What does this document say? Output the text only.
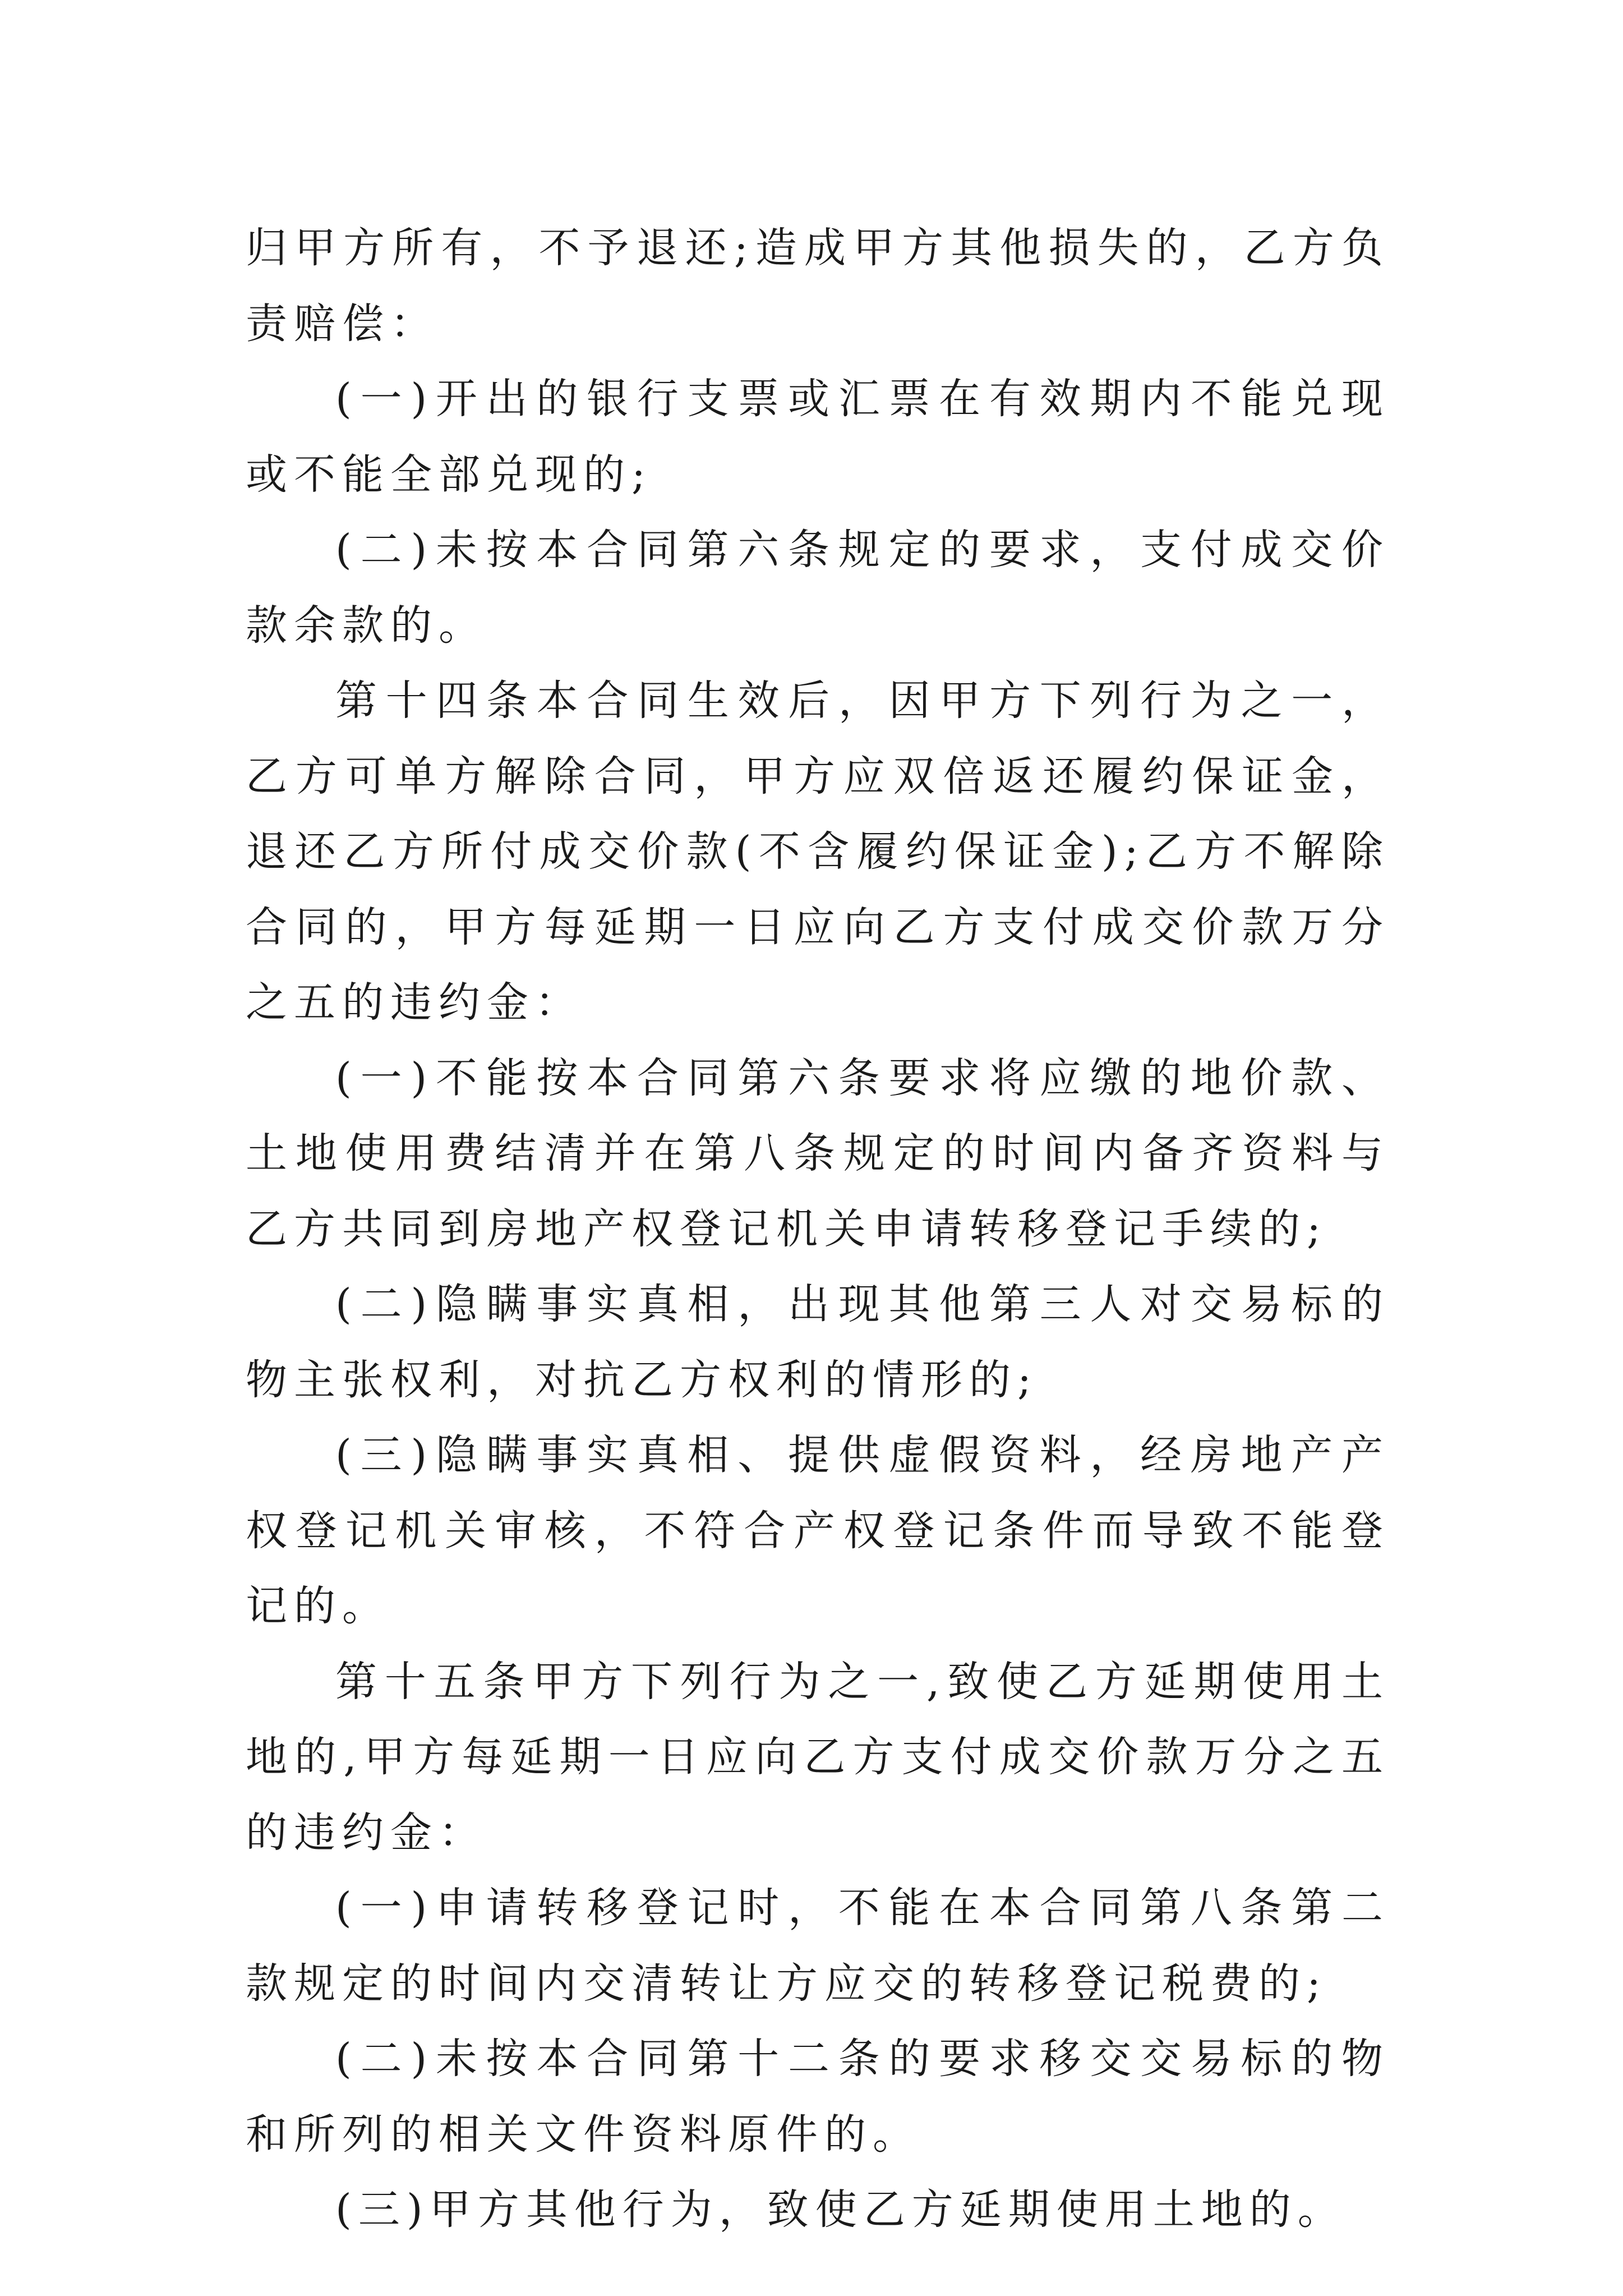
归甲方所有，不予退还;造成甲方其他损失的，乙方负责赔偿：

(一)开出的银行支票或汇票在有效期内不能兑现或不能全部兑现的;

(二)未按本合同第六条规定的要求，支付成交价款余款的。

第十四条本合同生效后，因甲方下列行为之一，乙方可单方解除合同，甲方应双倍返还履约保证金，退还乙方所付成交价款(不含履约保证金);乙方不解除合同的，甲方每延期一日应向乙方支付成交价款万分之五的违约金：

(一)不能按本合同第六条要求将应缴的地价款、土地使用费结清并在第八条规定的时间内备齐资料与乙方共同到房地产权登记机关申请转移登记手续的;

(二)隐瞒事实真相，出现其他第三人对交易标的物主张权利，对抗乙方权利的情形的;

(三)隐瞒事实真相、提供虚假资料，经房地产产权登记机关审核，不符合产权登记条件而导致不能登记的。

第十五条甲方下列行为之一,致使乙方延期使用土地的,甲方每延期一日应向乙方支付成交价款万分之五的违约金：

(一)申请转移登记时，不能在本合同第八条第二款规定的时间内交清转让方应交的转移登记税费的;

(二)未按本合同第十二条的要求移交交易标的物和所列的相关文件资料原件的。

(三)甲方其他行为，致使乙方延期使用土地的。
